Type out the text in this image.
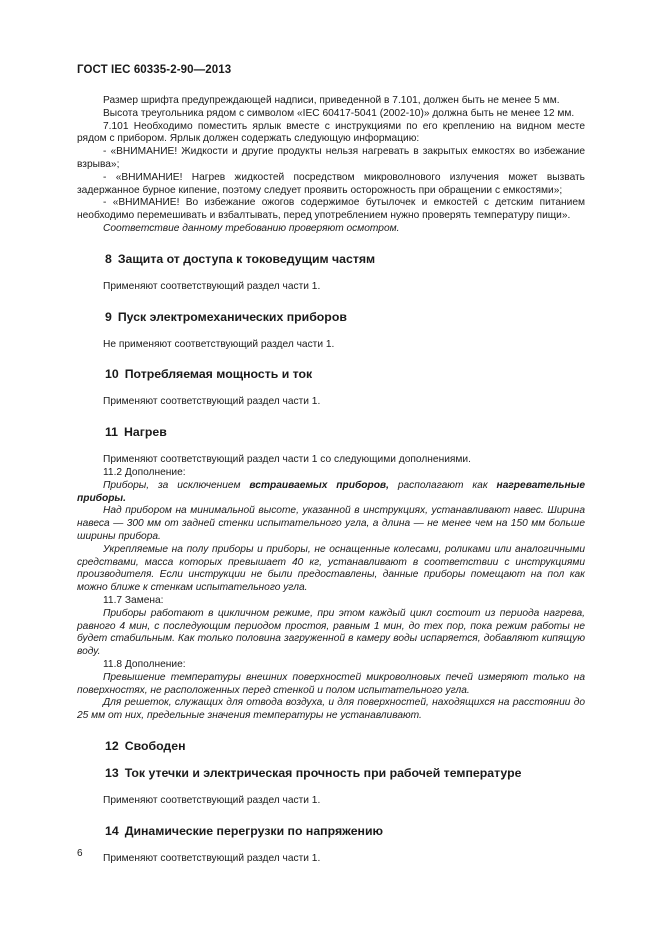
ГОСТ IEC 60335-2-90—2013

Размер шрифта предупреждающей надписи, приведенной в 7.101, должен быть не менее 5 мм.

Высота треугольника рядом с символом «IEC 60417-5041 (2002-10)» должна быть не менее 12 мм.

7.101 Необходимо поместить ярлык вместе с инструкциями по его креплению на видном месте рядом с прибором. Ярлык должен содержать следующую информацию:

- «ВНИМАНИЕ! Жидкости и другие продукты нельзя нагревать в закрытых емкостях во избежание взрыва»;

- «ВНИМАНИЕ! Нагрев жидкостей посредством микроволнового излучения может вызвать задержанное бурное кипение, поэтому следует проявить осторожность при обращении с емкостями»;

- «ВНИМАНИЕ! Во избежание ожогов содержимое бутылочек и емкостей с детским питанием необходимо перемешивать и взбалтывать, перед употреблением нужно проверять температуру пищи».

Соответствие данному требованию проверяют осмотром.

8 Защита от доступа к токоведущим частям

Применяют соответствующий раздел части 1.

9 Пуск электромеханических приборов

Не применяют соответствующий раздел части 1.

10 Потребляемая мощность и ток

Применяют соответствующий раздел части 1.

11 Нагрев

Применяют соответствующий раздел части 1 со следующими дополнениями.

11.2 Дополнение:

Приборы, за исключением встраиваемых приборов, располагают как нагревательные приборы.

Над прибором на минимальной высоте, указанной в инструкциях, устанавливают навес. Ширина навеса — 300 мм от задней стенки испытательного угла, а длина — не менее чем на 150 мм больше ширины прибора.

Укрепляемые на полу приборы и приборы, не оснащенные колесами, роликами или аналогичными средствами, масса которых превышает 40 кг, устанавливают в соответствии с инструкциями производителя. Если инструкции не были предоставлены, данные приборы помещают на пол как можно ближе к стенкам испытательного угла.

11.7 Замена:

Приборы работают в цикличном режиме, при этом каждый цикл состоит из периода нагрева, равного 4 мин, с последующим периодом простоя, равным 1 мин, до тех пор, пока режим работы не будет стабильным. Как только половина загруженной в камеру воды испаряется, добавляют кипящую воду.

11.8 Дополнение:

Превышение температуры внешних поверхностей микроволновых печей измеряют только на поверхностях, не расположенных перед стенкой и полом испытательного угла.

Для решеток, служащих для отвода воздуха, и для поверхностей, находящихся на расстоянии до 25 мм от них, предельные значения температуры не устанавливают.

12 Свободен
13 Ток утечки и электрическая прочность при рабочей температуре

Применяют соответствующий раздел части 1.

14 Динамические перегрузки по напряжению

Применяют соответствующий раздел части 1.

6
